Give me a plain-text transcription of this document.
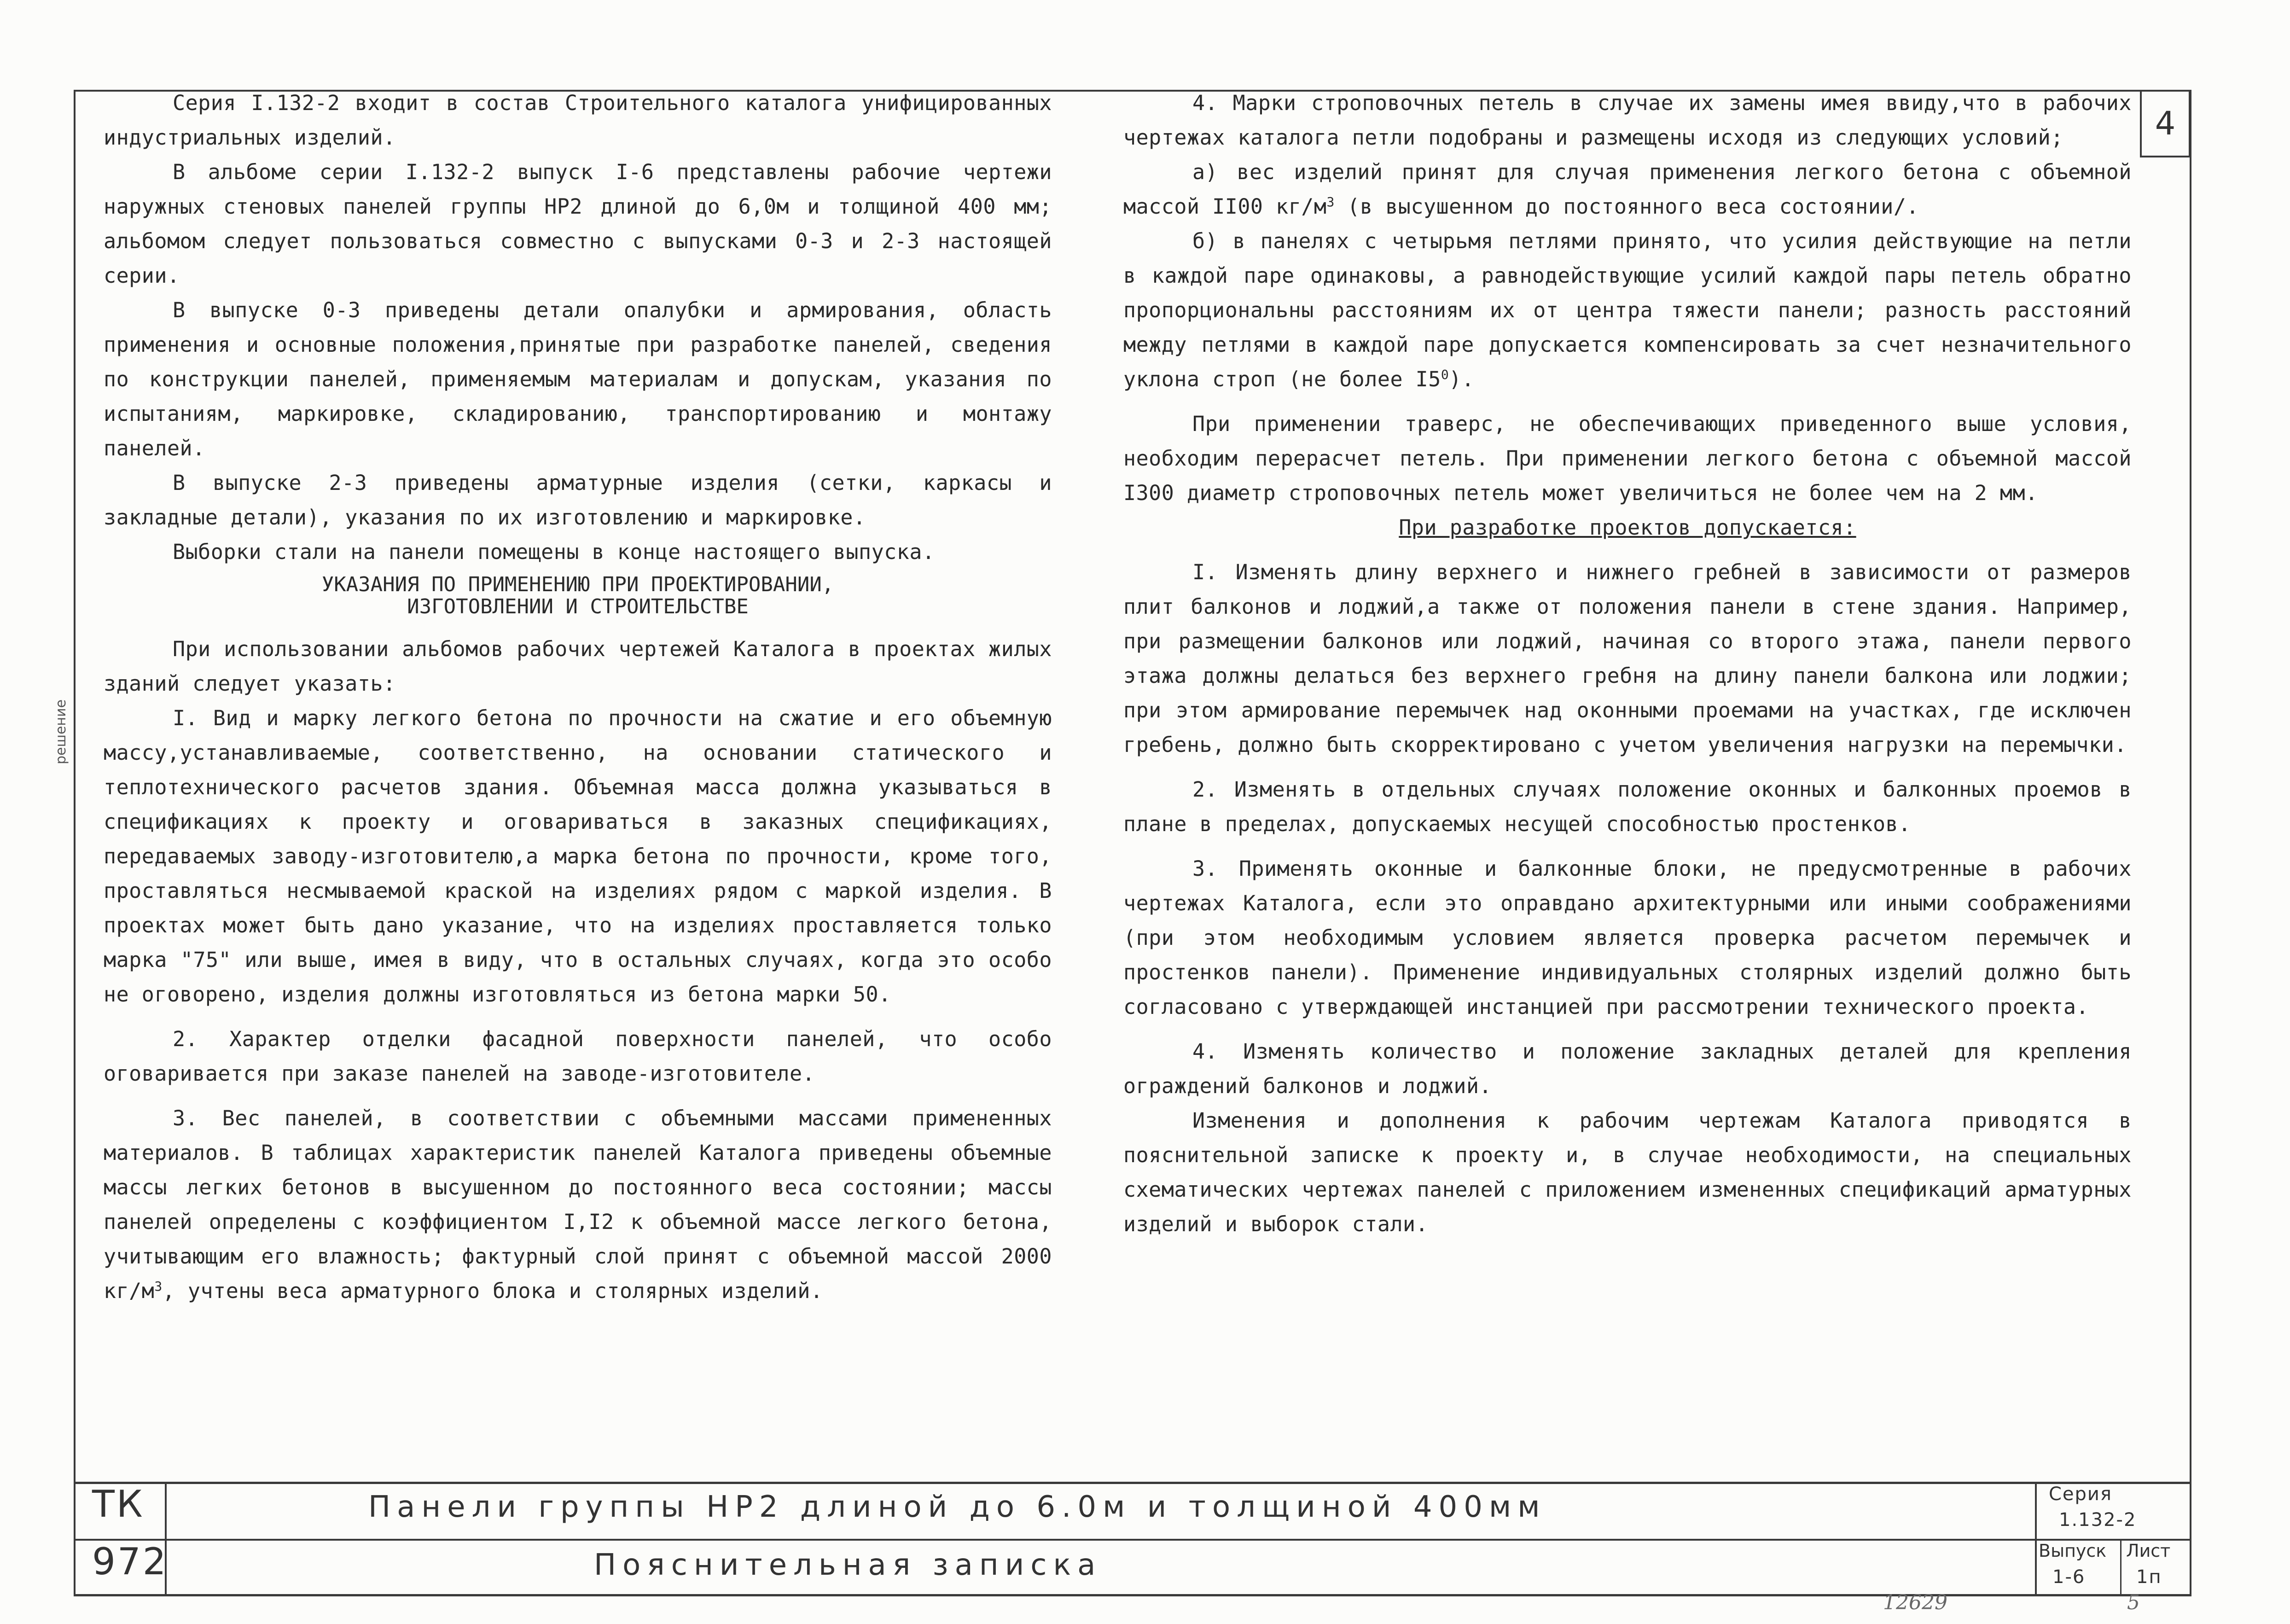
4
решение

Серия I.132-2 входит в состав Строительного каталога унифицированных индустриальных изделий.

В альбоме серии I.132-2 выпуск I-6 представлены рабочие чертежи наружных стеновых панелей группы НР2 длиной до 6,0м и толщиной 400 мм; альбомом следует пользоваться совместно с выпусками 0-3 и 2-3 настоящей серии.

В выпуске 0-3 приведены детали опалубки и армирования, область применения и основные положения,принятые при разработке панелей, сведения по конструкции панелей, применяемым материалам и допускам, указания по испытаниям, маркировке, складированию, транспортированию и монтажу панелей.

В выпуске 2-3 приведены арматурные изделия (сетки, каркасы и закладные детали), указания по их изготовлению и маркировке.

Выборки стали на панели помещены в конце настоящего выпуска.

УКАЗАНИЯ ПО ПРИМЕНЕНИЮ ПРИ ПРОЕКТИРОВАНИИ,
ИЗГОТОВЛЕНИИ И СТРОИТЕЛЬСТВЕ

При использовании альбомов рабочих чертежей Каталога в проектах жилых зданий следует указать:

I. Вид и марку легкого бетона по прочности на сжатие и его объемную массу,устанавливаемые, соответственно, на основании статического и теплотехнического расчетов здания. Объемная масса должна указываться в спецификациях к проекту и оговариваться в заказных спецификациях, передаваемых заводу-изготовителю,а марка бетона по прочности, кроме того, проставляться несмываемой краской на изделиях рядом с маркой изделия. В проектах может быть дано указание, что на изделиях проставляется только марка "75" или выше, имея в виду, что в остальных случаях, когда это особо не оговорено, изделия должны изготовляться из бетона марки 50.

2. Характер отделки фасадной поверхности панелей, что особо оговаривается при заказе панелей на заводе-изготовителе.

3. Вес панелей, в соответствии с объемными массами примененных материалов. В таблицах характеристик панелей Каталога приведены объемные массы легких бетонов в высушенном до постоянного веса состоянии; массы панелей определены с коэффициентом I,I2 к объемной массе легкого бетона, учитывающим его влажность; фактурный слой принят с объемной массой 2000 $кг/м^3$, учтены веса арматурного блока и столярных изделий.

4. Марки строповочных петель в случае их замены имея ввиду,что в рабочих чертежах каталога петли подобраны и размещены исходя из следующих условий;

а) вес изделий принят для случая применения легкого бетона с объемной массой II00 $кг/м^3$ (в высушенном до постоянного веса состоянии/.

б) в панелях с четырьмя петлями принято, что усилия действующие на петли в каждой паре одинаковы, а равнодействующие усилий каждой пары петель обратно пропорциональны расстояниям их от центра тяжести панели; разность расстояний между петлями в каждой паре допускается компенсировать за счет незначительного уклона строп (не более $I5^0$).

При применении траверс, не обеспечивающих приведенного выше условия, необходим перерасчет петель. При применении легкого бетона с объемной массой I300 диаметр строповочных петель может увеличиться не более чем на 2 мм.

При разработке проектов допускается:

I. Изменять длину верхнего и нижнего гребней в зависимости от размеров плит балконов и лоджий,а также от положения панели в стене здания. Например, при размещении балконов или лоджий, начиная со второго этажа, панели первого этажа должны делаться без верхнего гребня на длину панели балкона или лоджии; при этом армирование перемычек над оконными проемами на участках, где исключен гребень, должно быть скорректировано с учетом увеличения нагрузки на перемычки.

2. Изменять в отдельных случаях положение оконных и балконных проемов в плане в пределах, допускаемых несущей способностью простенков.

3. Применять оконные и балконные блоки, не предусмотренные в рабочих чертежах Каталога, если это оправдано архитектурными или иными соображениями (при этом необходимым условием является проверка расчетом перемычек и простенков панели). Применение индивидуальных столярных изделий должно быть согласовано с утверждающей инстанцией при рассмотрении технического проекта.

4. Изменять количество и положение закладных деталей для крепления ограждений балконов и лоджий.

Изменения и дополнения к рабочим чертежам Каталога приводятся в пояснительной записке к проекту и, в случае необходимости, на специальных схематических чертежах панелей с приложением измененных спецификаций арматурных изделий и выборок стали.

ТК
972
Панели группы НР2 длиной до 6.0м и толщиной 400мм
Пояснительная записка
Серия
1.132-2
Выпуск
1-6
Лист
1п
12629	5
